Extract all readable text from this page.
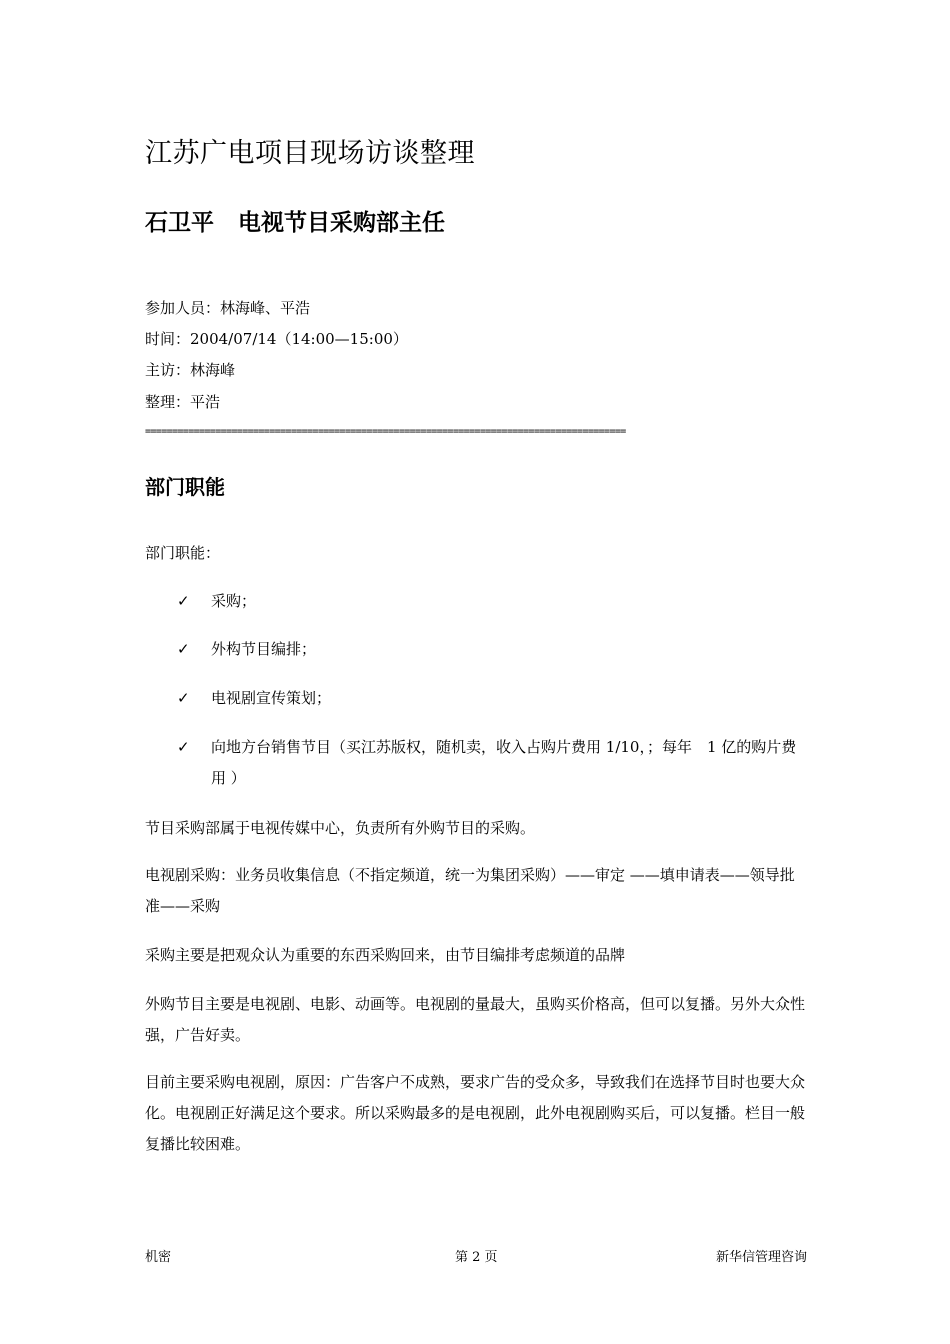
江苏广电项目现场访谈整理
石卫平 电视节目采购部主任
参加人员：林海峰、平浩
时间：2004/07/14（14:00—15:00）
主访：林海峰
整理：平浩
=========================================================================================
部门职能
部门职能：
✓	采购；
✓	外构节目编排；
✓	电视剧宣传策划；
✓	向地方台销售节目（买江苏版权，随机卖，收入占购片费用 1/10，；每年　1 亿的购片费用 ）
节目采购部属于电视传媒中心，负责所有外购节目的采购。
电视剧采购：业务员收集信息（不指定频道，统一为集团采购）——审定 ——填申请表——领导批准——采购
采购主要是把观众认为重要的东西采购回来，由节目编排考虑频道的品牌
外购节目主要是电视剧、电影、动画等。电视剧的量最大，虽购买价格高，但可以复播。另外大众性强，广告好卖。
目前主要采购电视剧，原因：广告客户不成熟，要求广告的受众多，导致我们在选择节目时也要大众化。电视剧正好满足这个要求。所以采购最多的是电视剧，此外电视剧购买后，可以复播。栏目一般复播比较困难。
机密	第 2 页	新华信管理咨询
